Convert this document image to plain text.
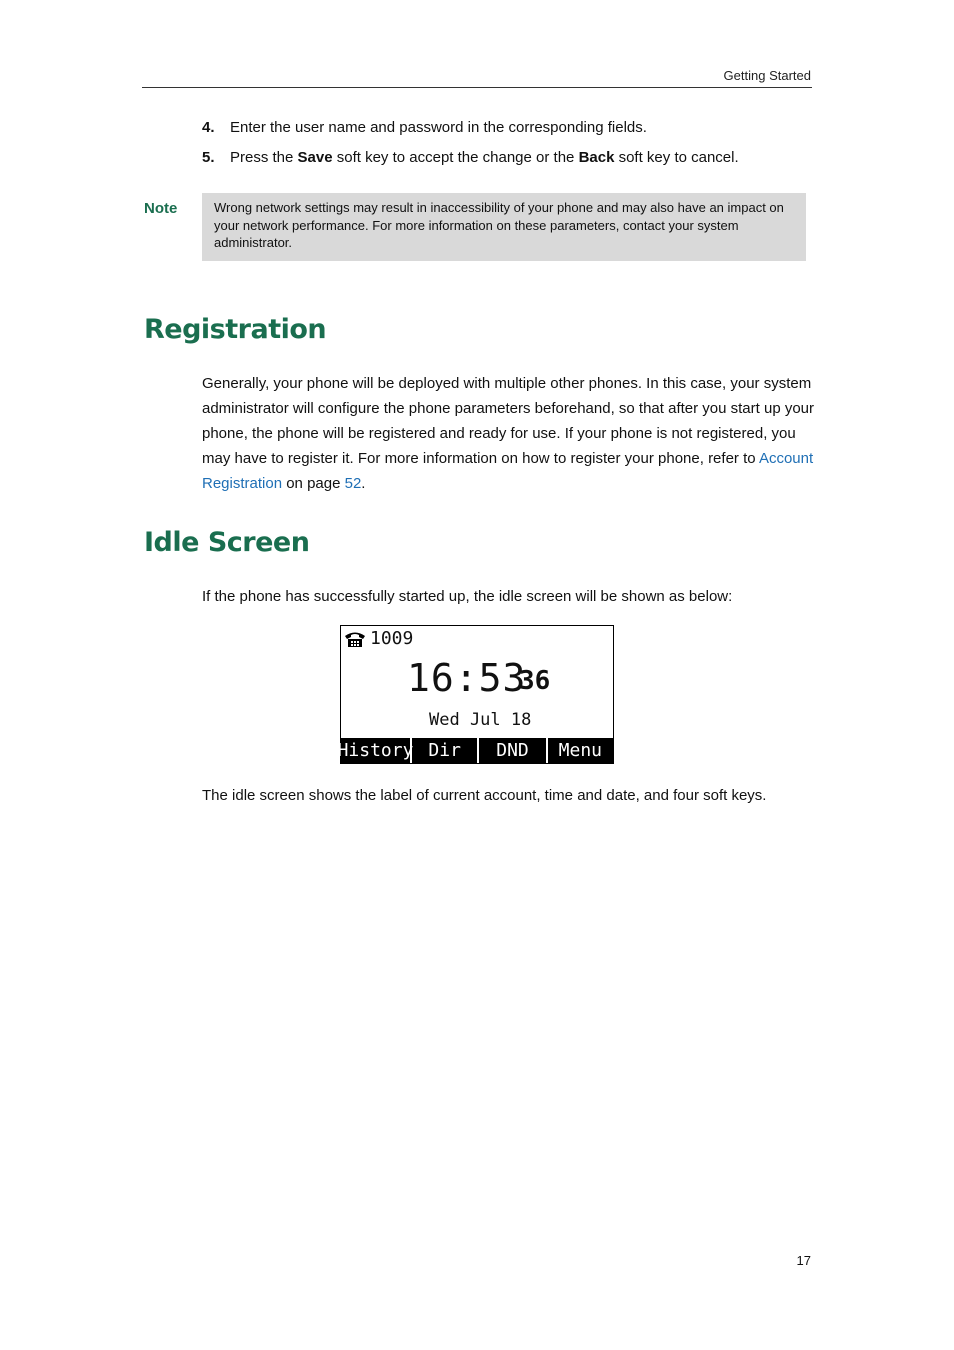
Getting Started
4. Enter the user name and password in the corresponding fields.
5. Press the Save soft key to accept the change or the Back soft key to cancel.
Note	Wrong network settings may result in inaccessibility of your phone and may also have an impact on your network performance. For more information on these parameters, contact your system administrator.
Registration
Generally, your phone will be deployed with multiple other phones. In this case, your system administrator will configure the phone parameters beforehand, so that after you start up your phone, the phone will be registered and ready for use. If your phone is not registered, you may have to register it. For more information on how to register your phone, refer to Account Registration on page 52.
Idle Screen
If the phone has successfully started up, the idle screen will be shown as below:
1009
16:53
36
Wed Jul 18
History Dir	DND	Menu
The idle screen shows the label of current account, time and date, and four soft keys.
17
